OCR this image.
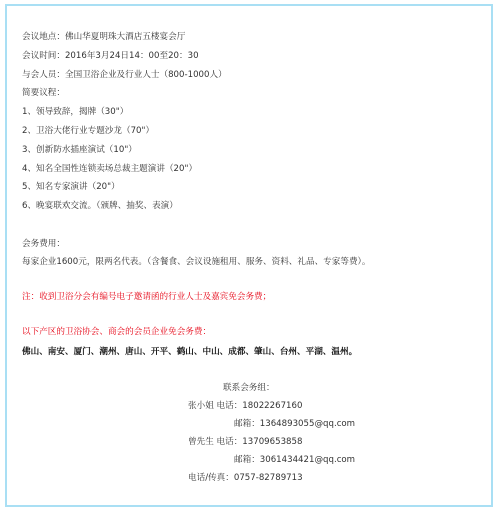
会议地点：佛山华夏明珠大酒店五楼宴会厅
会议时间：2016年3月24日14：00至20：30
与会人员：全国卫浴企业及行业人士（800-1000人）
简要议程：
1、领导致辞，揭牌（30"）
2、卫浴大佬行业专题沙龙（70"）
3、创新防水插座演试（10"）
4、知名全国性连锁卖场总裁主题演讲（20"）
5、知名专家演讲（20"）
6、晚宴联欢交流。（颁牌、抽奖、表演）
会务费用：
每家企业1600元，限两名代表。（含餐食、会议设施租用、服务、资料、礼品、专家等费）。
注：收到卫浴分会有编号电子邀请函的行业人士及嘉宾免会务费；
以下产区的卫浴协会、商会的会员企业免会务费：
佛山、南安、厦门、潮州、唐山、开平、鹤山、中山、成都、肇山、台州、平湖、温州。
联系会务组：
张小姐 电话：18022267160
邮箱：1364893055@qq.com
曾先生 电话：13709653858
邮箱：3061434421@qq.com
电话/传真：0757-82789713
